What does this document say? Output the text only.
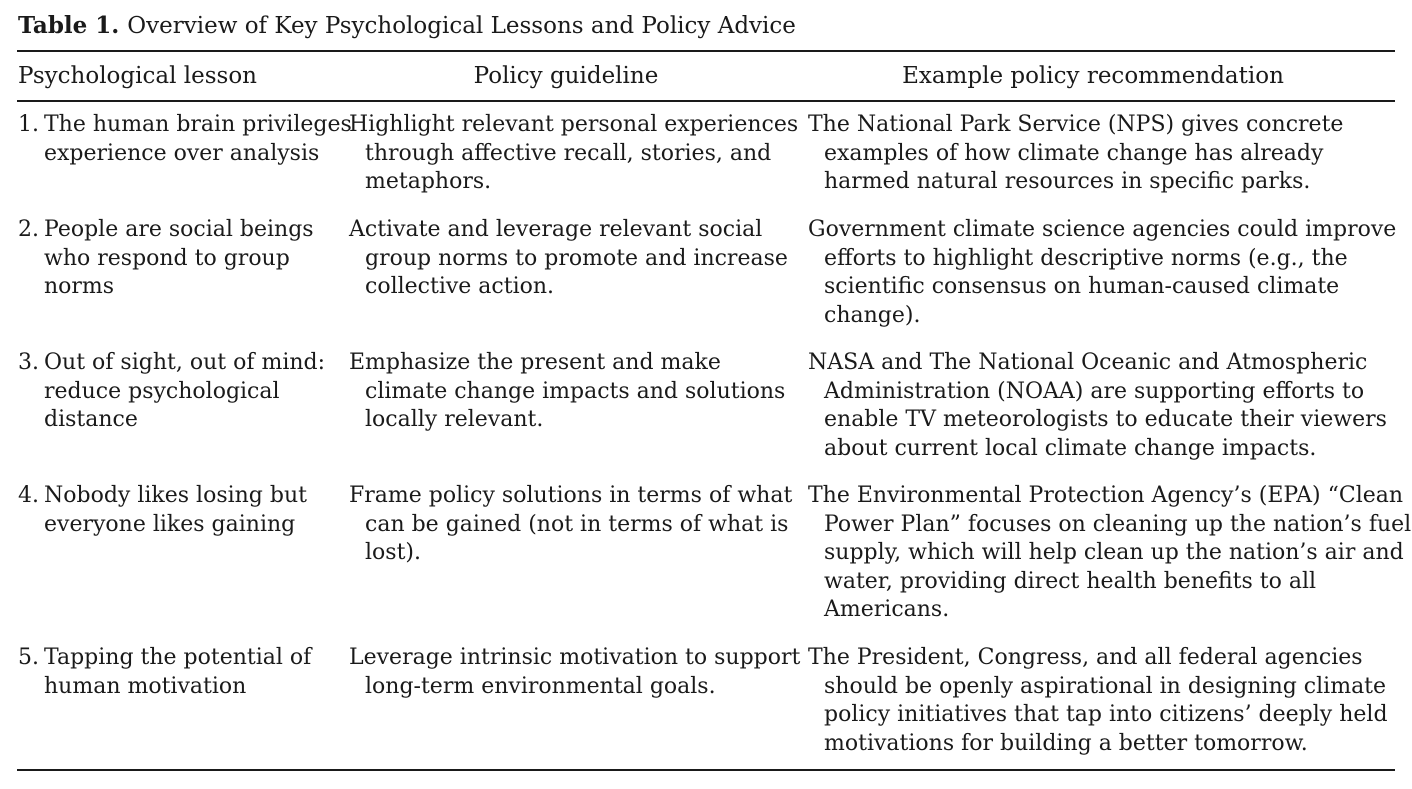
Table 1. Overview of Key Psychological Lessons and Policy Advice
Psychological lesson	Policy guideline	Example policy recommendation
1. The human brain privileges experience over analysis
Highlight relevant personal experiences through affective recall, stories, and metaphors.
The National Park Service (NPS) gives concrete examples of how climate change has already harmed natural resources in specific parks.
2. People are social beings who respond to group norms
Activate and leverage relevant social group norms to promote and increase collective action.
Government climate science agencies could improve efforts to highlight descriptive norms (e.g., the scientific consensus on human-caused climate change).
3. Out of sight, out of mind: reduce psychological distance
Emphasize the present and make climate change impacts and solutions locally relevant.
NASA and The National Oceanic and Atmospheric Administration (NOAA) are supporting efforts to enable TV meteorologists to educate their viewers about current local climate change impacts.
4. Nobody likes losing but everyone likes gaining
Frame policy solutions in terms of what can be gained (not in terms of what is lost).
The Environmental Protection Agency’s (EPA) “Clean Power Plan” focuses on cleaning up the nation’s fuel supply, which will help clean up the nation’s air and water, providing direct health benefits to all Americans.
5. Tapping the potential of human motivation
Leverage intrinsic motivation to support long-term environmental goals.
The President, Congress, and all federal agencies should be openly aspirational in designing climate policy initiatives that tap into citizens’ deeply held motivations for building a better tomorrow.
